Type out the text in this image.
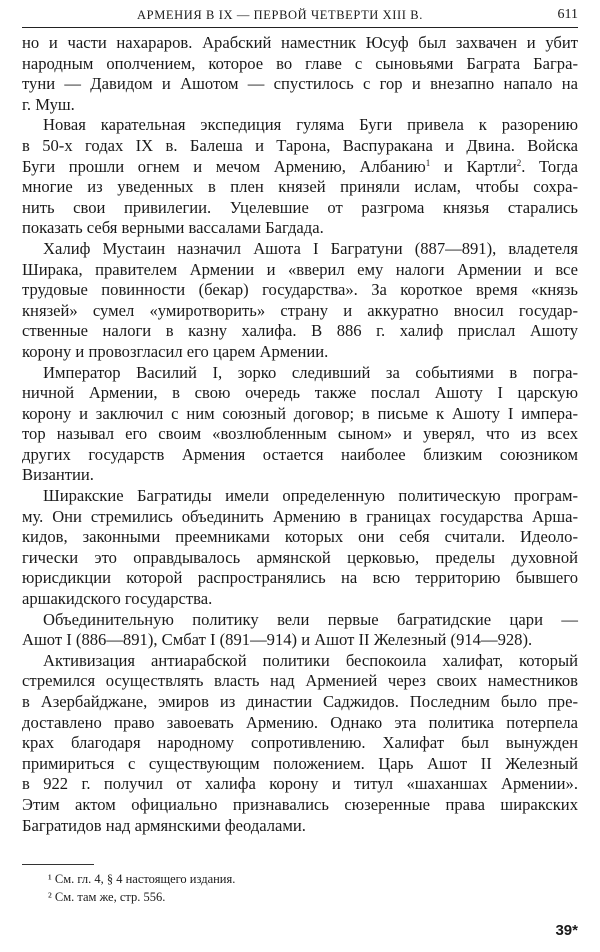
АРМЕНИЯ В IX — ПЕРВОЙ ЧЕТВЕРТИ XIII В.	611
но и части нахараров. Арабский наместник Юсуф был захвачен и убит
народным ополчением, которое во главе с сыновьями Баграта Багра-
туни — Давидом и Ашотом — спустилось с гор и внезапно напало на
г. Муш.
Новая карательная экспедиция гуляма Буги привела к разорению
в 50-х годах IX в. Балеша и Тарона, Васпуракана и Двина. Войска
Буги прошли огнем и мечом Армению, Албанию$^1$ и Картли$^2$. Тогда
многие из уведенных в плен князей приняли ислам, чтобы сохра-
нить свои привилегии. Уцелевшие от разгрома князья старались
показать себя верными вассалами Багдада.
Халиф Мустаин назначил Ашота I Багратуни (887—891), владетеля
Ширака, правителем Армении и «вверил ему налоги Армении и все
трудовые повинности (бекар) государства». За короткое время «князь
князей» сумел «умиротворить» страну и аккуратно вносил государ-
ственные налоги в казну халифа. В 886 г. халиф прислал Ашоту
корону и провозгласил его царем Армении.
Император Василий I, зорко следивший за событиями в погра-
ничной Армении, в свою очередь также послал Ашоту I царскую
корону и заключил с ним союзный договор; в письме к Ашоту I импера-
тор называл его своим «возлюбленным сыном» и уверял, что из всех
других государств Армения остается наиболее близким союзником
Византии.
Ширакские Багратиды имели определенную политическую програм-
му. Они стремились объединить Армению в границах государства Арша-
кидов, законными преемниками которых они себя считали. Идеоло-
гически это оправдывалось армянской церковью, пределы духовной
юрисдикции которой распространялись на всю территорию бывшего
аршакидского государства.
Объединительную политику вели первые багратидские цари —
Ашот I (886—891), Смбат I (891—914) и Ашот II Железный (914—928).
Активизация антиарабской политики беспокоила халифат, который
стремился осуществлять власть над Арменией через своих наместников
в Азербайджане, эмиров из династии Саджидов. Последним было пре-
доставлено право завоевать Армению. Однако эта политика потерпела
крах благодаря народному сопротивлению. Халифат был вынужден
примириться с существующим положением. Царь Ашот II Железный
в 922 г. получил от халифа корону и титул «шаханшах Армении».
Этим актом официально признавались сюзеренные права ширакских
Багратидов над армянскими феодалами.
¹ См. гл. 4, § 4 настоящего издания.
² См. там же, стр. 556.
39*
